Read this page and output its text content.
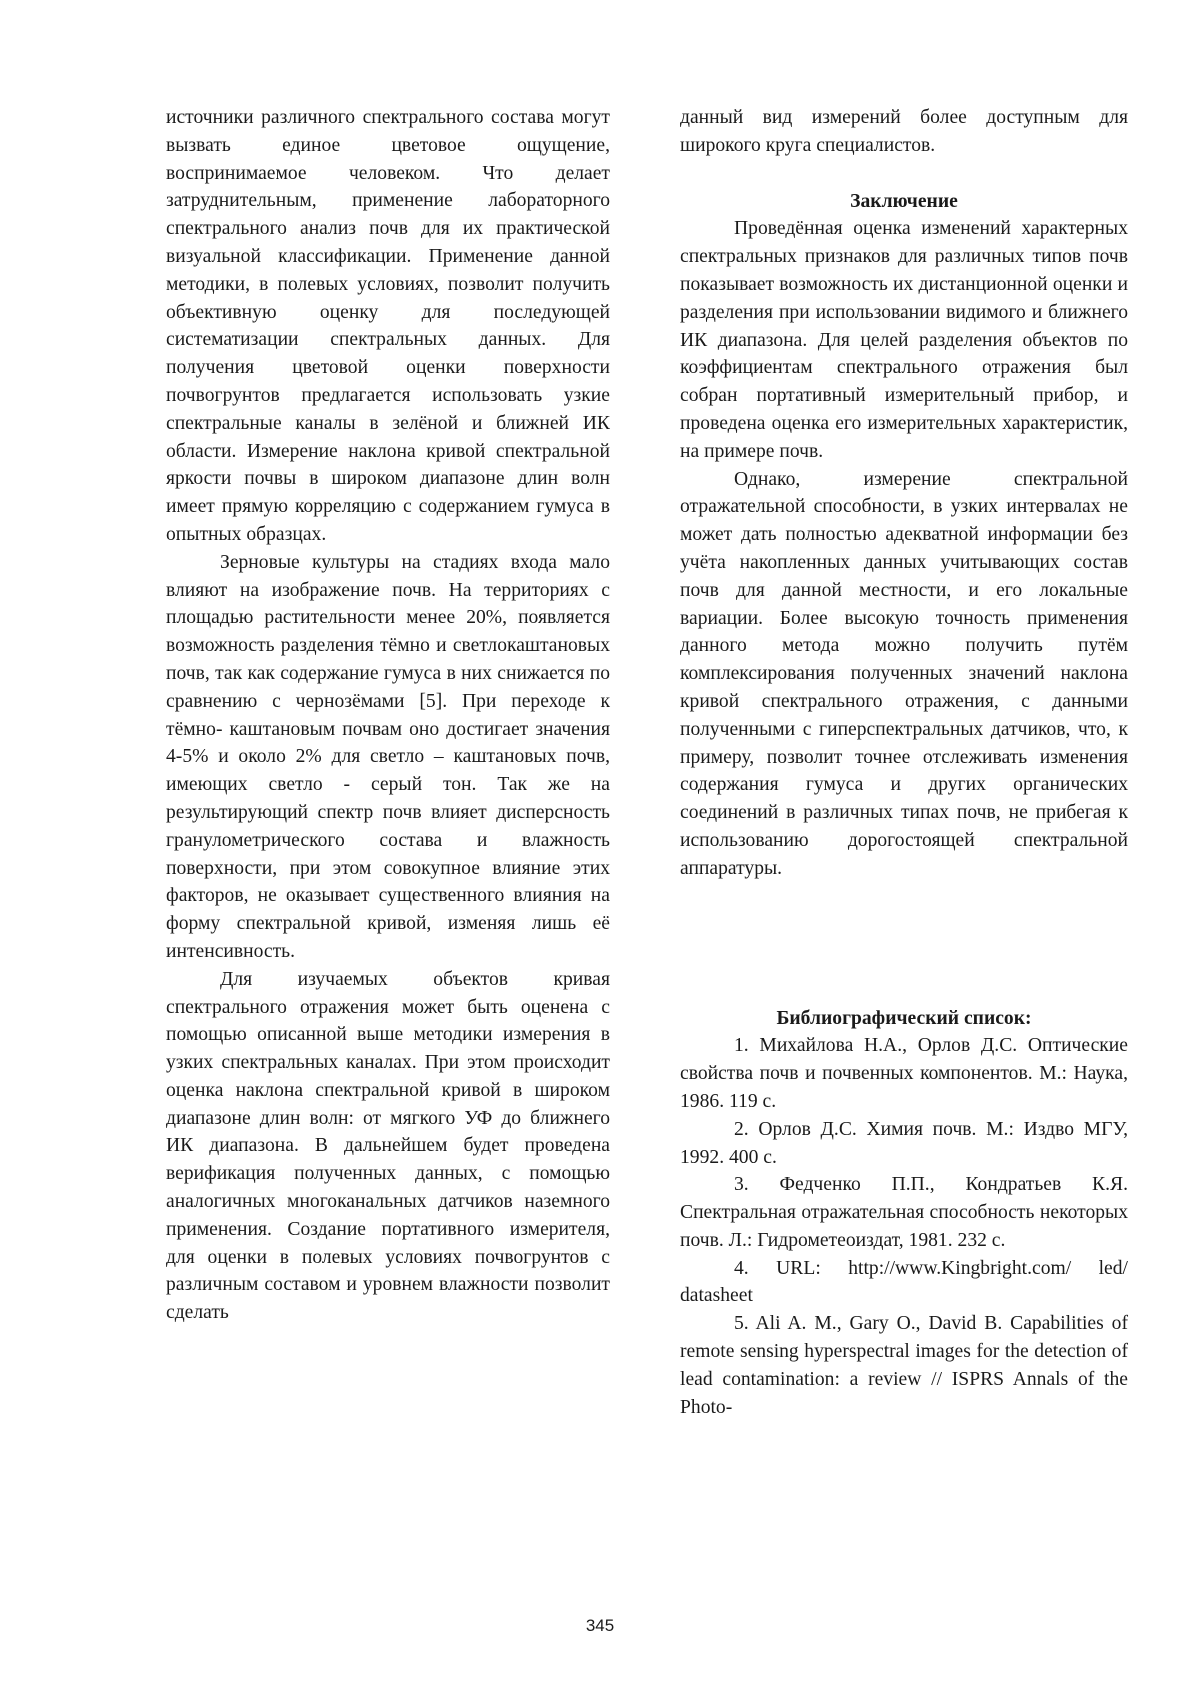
источники различного спектрального состава могут вызвать единое цветовое ощущение, воспринимаемое человеком. Что делает затруднительным, применение лабораторного спектрального анализ почв для их практической визуальной классификации. Применение данной методики, в полевых условиях, позволит получить объективную оценку для последующей систематизации спектральных данных. Для получения цветовой оценки поверхности почвогрунтов предлагается использовать узкие спектральные каналы в зелёной и ближней ИК области. Измерение наклона кривой спектральной яркости почвы в широком диапазоне длин волн имеет прямую корреляцию с содержанием гумуса в опытных образцах.

Зерновые культуры на стадиях входа мало влияют на изображение почв. На территориях с площадью растительности менее 20%, появляется возможность разделения тёмно и светлокаштановых почв, так как содержание гумуса в них снижается по сравнению с чернозёмами [5]. При переходе к тёмно- каштановым почвам оно достигает значения 4-5% и около 2% для светло – каштановых почв, имеющих светло - серый тон. Так же на результирующий спектр почв влияет дисперсность гранулометрического состава и влажность поверхности, при этом совокупное влияние этих факторов, не оказывает существенного влияния на форму спектральной кривой, изменяя лишь её интенсивность.

Для изучаемых объектов кривая спектрального отражения может быть оценена с помощью описанной выше методики измерения в узких спектральных каналах. При этом происходит оценка наклона спектральной кривой в широком диапазоне длин волн: от мягкого УФ до ближнего ИК диапазона. В дальнейшем будет проведена верификация полученных данных, с помощью аналогичных многоканальных датчиков наземного применения. Создание портативного измерителя, для оценки в полевых условиях почвогрунтов с различным составом и уровнем влажности позволит сделать

данный вид измерений более доступным для широкого круга специалистов.

Заключение

Проведённая оценка изменений характерных спектральных признаков для различных типов почв показывает возможность их дистанционной оценки и разделения при использовании видимого и ближнего ИК диапазона. Для целей разделения объектов по коэффициентам спектрального отражения был собран портативный измерительный прибор, и проведена оценка его измерительных характеристик, на примере почв.

Однако, измерение спектральной отражательной способности, в узких интервалах не может дать полностью адекватной информации без учёта накопленных данных учитывающих состав почв для данной местности, и его локальные вариации. Более высокую точность применения данного метода можно получить путём комплексирования полученных значений наклона кривой спектрального отражения, с данными полученными с гиперспектральных датчиков, что, к примеру, позволит точнее отслеживать изменения содержания гумуса и других органических соединений в различных типах почв, не прибегая к использованию дорогостоящей спектральной аппаратуры.

Библиографический список:

1. Михайлова Н.А., Орлов Д.С. Оптические свойства почв и почвенных компонентов. М.: Наука, 1986. 119 с.

2. Орлов Д.С. Химия почв. М.: Издво МГУ, 1992. 400 с.

3. Федченко П.П., Кондратьев К.Я. Спектральная отражательная способность некоторых почв. Л.: Гидрометеоиздат, 1981. 232 с.

4. URL: http://www.Kingbright.com/ led/ datasheet

5. Ali A. M., Gary O., David B. Capabilities of remote sensing hyperspectral images for the detection of lead contamination: a review // ISPRS Annals of the Photo-

345
